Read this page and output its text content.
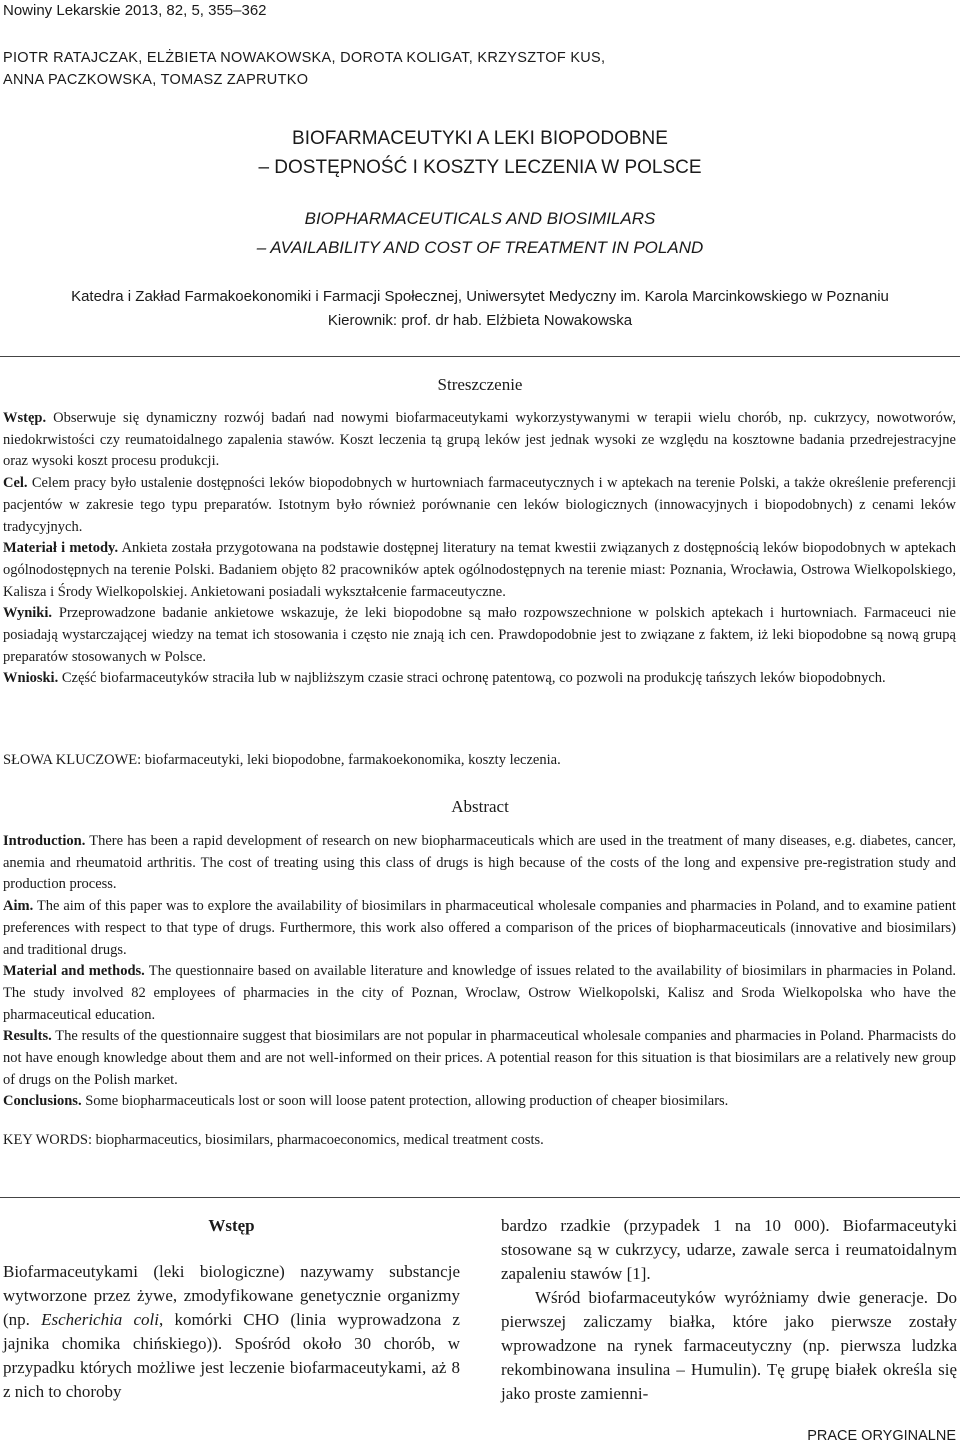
Nowiny Lekarskie 2013, 82, 5, 355–362
PIOTR RATAJCZAK, ELŻBIETA NOWAKOWSKA, DOROTA KOLIGAT, KRZYSZTOF KUS,
ANNA PACZKOWSKA, TOMASZ ZAPRUTKO
BIOFARMACEUTYKI A LEKI BIOPODOBNE
– DOSTĘPNOŚĆ I KOSZTY LECZENIA W POLSCE
BIOPHARMACEUTICALS AND BIOSIMILARS
– AVAILABILITY AND COST OF TREATMENT IN POLAND
Katedra i Zakład Farmakoekonomiki i Farmacji Społecznej, Uniwersytet Medyczny im. Karola Marcinkowskiego w Poznaniu
Kierownik: prof. dr hab. Elżbieta Nowakowska
Streszczenie

Wstęp. Obserwuje się dynamiczny rozwój badań nad nowymi biofarmaceutykami wykorzystywanymi w terapii wielu chorób, np. cukrzycy, nowotworów, niedokrwistości czy reumatoidalnego zapalenia stawów. Koszt leczenia tą grupą leków jest jednak wysoki ze względu na kosztowne badania przedrejestracyjne oraz wysoki koszt procesu produkcji.

Cel. Celem pracy było ustalenie dostępności leków biopodobnych w hurtowniach farmaceutycznych i w aptekach na terenie Polski, a także określenie preferencji pacjentów w zakresie tego typu preparatów. Istotnym było również porównanie cen leków biologicznych (innowacyjnych i biopodobnych) z cenami leków tradycyjnych.

Materiał i metody. Ankieta została przygotowana na podstawie dostępnej literatury na temat kwestii związanych z dostępnością leków biopodobnych w aptekach ogólnodostępnych na terenie Polski. Badaniem objęto 82 pracowników aptek ogólnodostępnych na terenie miast: Poznania, Wrocławia, Ostrowa Wielkopolskiego, Kalisza i Środy Wielkopolskiej. Ankietowani posiadali wykształcenie farmaceutyczne.

Wyniki. Przeprowadzone badanie ankietowe wskazuje, że leki biopodobne są mało rozpowszechnione w polskich aptekach i hurtowniach. Farmaceuci nie posiadają wystarczającej wiedzy na temat ich stosowania i często nie znają ich cen. Prawdopodobnie jest to związane z faktem, iż leki biopodobne są nową grupą preparatów stosowanych w Polsce.

Wnioski. Część biofarmaceutyków straciła lub w najbliższym czasie straci ochronę patentową, co pozwoli na produkcję tańszych leków biopodobnych.

SŁOWA KLUCZOWE: biofarmaceutyki, leki biopodobne, farmakoekonomika, koszty leczenia.
Abstract

Introduction. There has been a rapid development of research on new biopharmaceuticals which are used in the treatment of many diseases, e.g. diabetes, cancer, anemia and rheumatoid arthritis. The cost of treating using this class of drugs is high because of the costs of the long and expensive pre-registration study and production process.

Aim. The aim of this paper was to explore the availability of biosimilars in pharmaceutical wholesale companies and pharmacies in Poland, and to examine patient preferences with respect to that type of drugs. Furthermore, this work also offered a comparison of the prices of biopharmaceuticals (innovative and biosimilars) and traditional drugs.

Material and methods. The questionnaire based on available literature and knowledge of issues related to the availability of biosimilars in pharmacies in Poland. The study involved 82 employees of pharmacies in the city of Poznan, Wroclaw, Ostrow Wielkopolski, Kalisz and Sroda Wielkopolska who have the pharmaceutical education.

Results. The results of the questionnaire suggest that biosimilars are not popular in pharmaceutical wholesale companies and pharmacies in Poland. Pharmacists do not have enough knowledge about them and are not well-informed on their prices. A potential reason for this situation is that biosimilars are a relatively new group of drugs on the Polish market.

Conclusions. Some biopharmaceuticals lost or soon will loose patent protection, allowing production of cheaper biosimilars.

KEY WORDS: biopharmaceutics, biosimilars, pharmacoeconomics, medical treatment costs.
Wstęp

Biofarmaceutykami (leki biologiczne) nazywamy substancje wytworzone przez żywe, zmodyfikowane genetycznie organizmy (np. Escherichia coli, komórki CHO (linia wyprowadzona z jajnika chomika chińskiego)). Spośród około 30 chorób, w przypadku których możliwe jest leczenie biofarmaceutykami, aż 8 z nich to choroby

bardzo rzadkie (przypadek 1 na 10 000). Biofarmaceutyki stosowane są w cukrzycy, udarze, zawale serca i reumatoidalnym zapaleniu stawów [1].

Wśród biofarmaceutyków wyróżniamy dwie generacje. Do pierwszej zaliczamy białka, które jako pierwsze zostały wprowadzone na rynek farmaceutyczny (np. pierwsza ludzka rekombinowana insulina – Humulin). Tę grupę białek określa się jako proste zamienni-

PRACE ORYGINALNE
